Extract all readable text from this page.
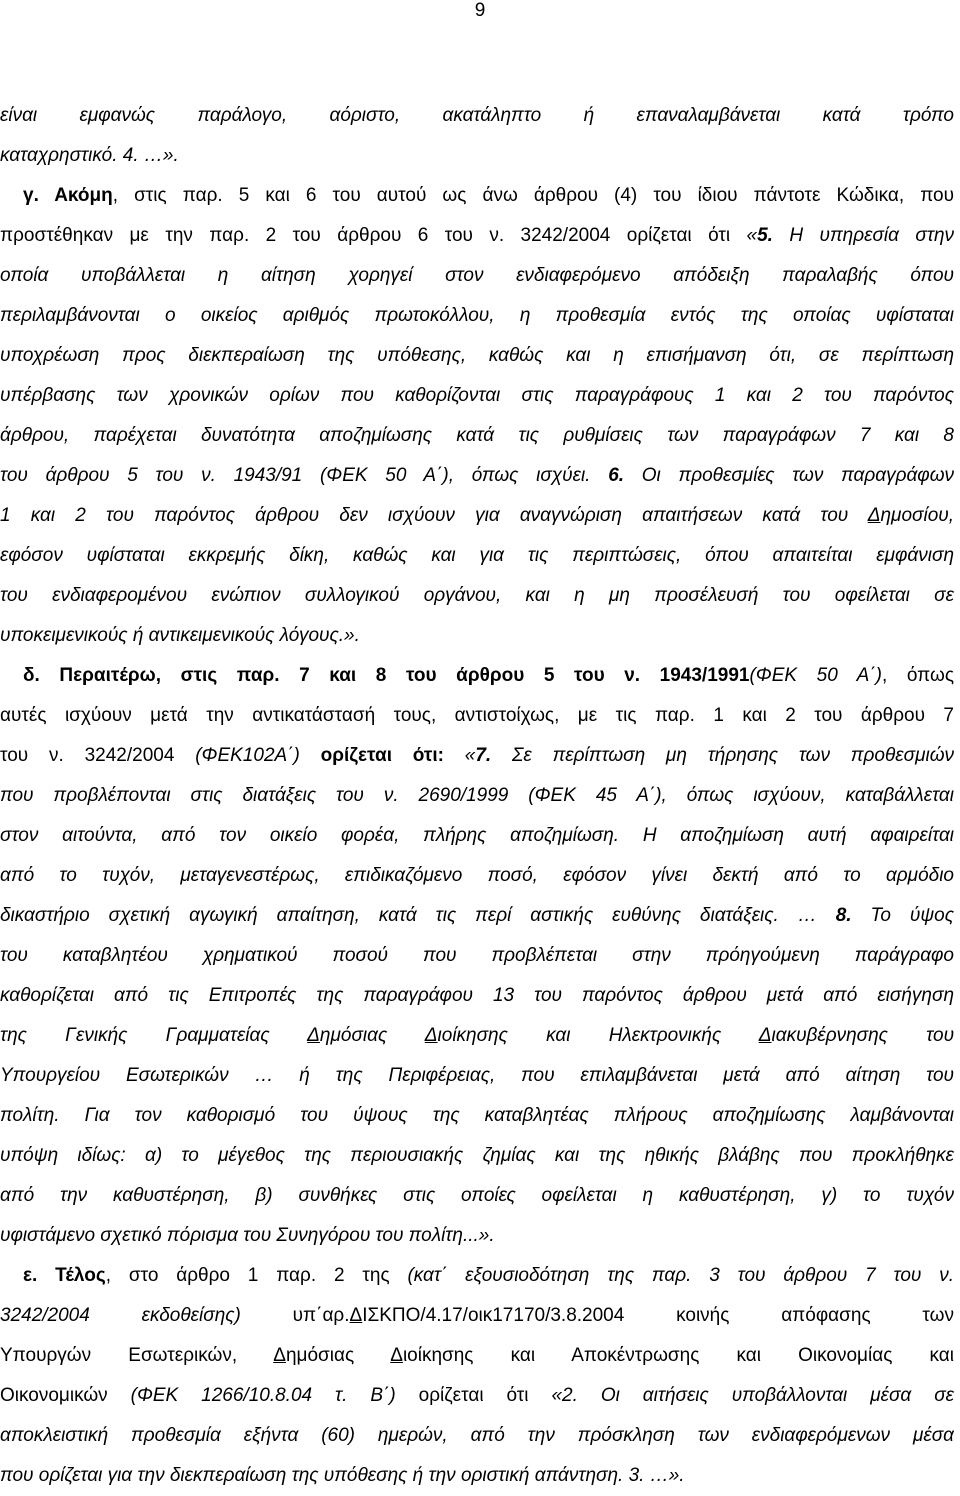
9
είναι εμφανώς παράλογο, αόριστο, ακατάληπτο ή επαναλαμβάνεται κατά τρόπο
καταχρηστικό. 4. …».
γ. Ακόμη, στις παρ. 5 και 6 του αυτού ως άνω άρθρου (4) του ίδιου πάντοτε Κώδικα, που
προστέθηκαν με την παρ. 2 του άρθρου 6 του ν. 3242/2004 ορίζεται ότι «5. Η υπηρεσία στην
οποία υποβάλλεται η αίτηση χορηγεί στον ενδιαφερόμενο απόδειξη παραλαβής όπου
περιλαμβάνονται ο οικείος αριθμός πρωτοκόλλου, η προθεσμία εντός της οποίας υφίσταται
υποχρέωση προς διεκπεραίωση της υπόθεσης, καθώς και η επισήμανση ότι, σε περίπτωση
υπέρβασης των χρονικών ορίων που καθορίζονται στις παραγράφους 1 και 2 του παρόντος
άρθρου, παρέχεται δυνατότητα αποζημίωσης κατά τις ρυθμίσεις των παραγράφων 7 και 8
του άρθρου 5 του ν. 1943/91 (ΦΕΚ 50 Α΄), όπως ισχύει. 6. Οι προθεσμίες των παραγράφων
1 και 2 του παρόντος άρθρου δεν ισχύουν για αναγνώριση απαιτήσεων κατά του Δημοσίου,
εφόσον υφίσταται εκκρεμής δίκη, καθώς και για τις περιπτώσεις, όπου απαιτείται εμφάνιση
του ενδιαφερομένου ενώπιον συλλογικού οργάνου, και η μη προσέλευσή του οφείλεται σε
υποκειμενικούς ή αντικειμενικούς λόγους.».
δ. Περαιτέρω, στις παρ. 7 και 8 του άρθρου 5 του ν. 1943/1991(ΦΕΚ 50 Α΄), όπως
αυτές ισχύουν μετά την αντικατάστασή τους, αντιστοίχως, με τις παρ. 1 και 2 του άρθρου 7
του ν. 3242/2004 (ΦΕΚ102Α΄) ορίζεται ότι: «7. Σε περίπτωση μη τήρησης των προθεσμιών
που προβλέπονται στις διατάξεις του ν. 2690/1999 (ΦΕΚ 45 Α΄), όπως ισχύουν, καταβάλλεται
στον αιτούντα, από τον οικείο φορέα, πλήρης αποζημίωση. Η αποζημίωση αυτή αφαιρείται
από το τυχόν, μεταγενεστέρως, επιδικαζόμενο ποσό, εφόσον γίνει δεκτή από το αρμόδιο
δικαστήριο σχετική αγωγική απαίτηση, κατά τις περί αστικής ευθύνης διατάξεις. … 8. Το ύψος
του καταβλητέου χρηματικού ποσού που προβλέπεται στην πρόηγούμενη παράγραφο
καθορίζεται από τις Επιτροπές της παραγράφου 13 του παρόντος άρθρου μετά από εισήγηση
της Γενικής Γραμματείας Δημόσιας Διοίκησης και Ηλεκτρονικής Διακυβέρνησης του
Υπουργείου Εσωτερικών … ή της Περιφέρειας, που επιλαμβάνεται μετά από αίτηση του
πολίτη. Για τον καθορισμό του ύψους της καταβλητέας πλήρους αποζημίωσης λαμβάνονται
υπόψη ιδίως: α) το μέγεθος της περιουσιακής ζημίας και της ηθικής βλάβης που προκλήθηκε
από την καθυστέρηση, β) συνθήκες στις οποίες οφείλεται η καθυστέρηση, γ) το τυχόν
υφιστάμενο σχετικό πόρισμα του Συνηγόρου του πολίτη...».
ε. Τέλος, στο άρθρο 1 παρ. 2 της (κατ΄ εξουσιοδότηση της παρ. 3 του άρθρου 7 του ν.
3242/2004 εκδοθείσης) υπ΄αρ.ΔΙΣΚΠΟ/4.17/οικ17170/3.8.2004 κοινής απόφασης των
Υπουργών Εσωτερικών, Δημόσιας Διοίκησης και Αποκέντρωσης και Οικονομίας και
Οικονομικών (ΦΕΚ 1266/10.8.04 τ. Β΄) ορίζεται ότι «2. Οι αιτήσεις υποβάλλονται μέσα σε
αποκλειστική προθεσμία εξήντα (60) ημερών, από την πρόσκληση των ενδιαφερόμενων μέσα
που ορίζεται για την διεκπεραίωση της υπόθεσης ή την οριστική απάντηση. 3. …».
